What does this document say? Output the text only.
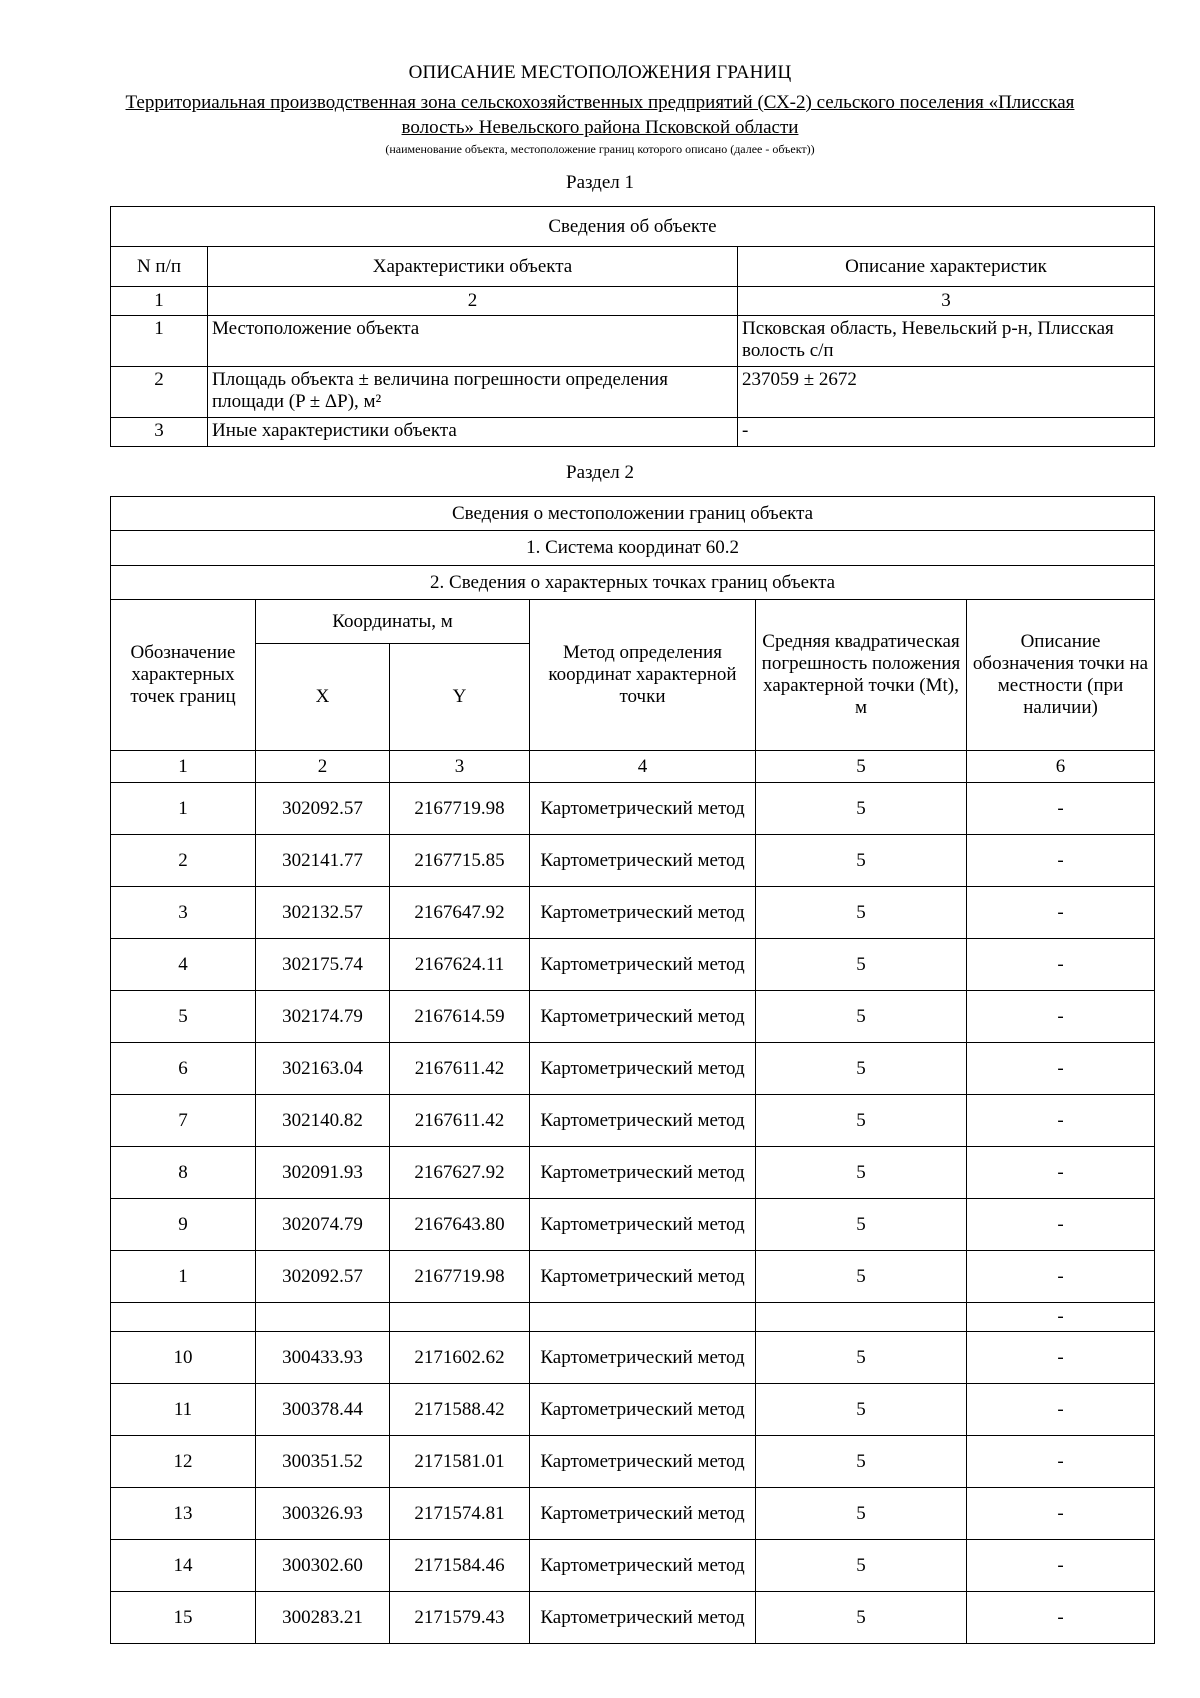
ОПИСАНИЕ МЕСТОПОЛОЖЕНИЯ ГРАНИЦ
Территориальная производственная зона сельскохозяйственных предприятий (СХ-2) сельского поселения «Плисская волость» Невельского района Псковской области
(наименование объекта, местоположение границ которого описано (далее - объект))
Раздел 1
Сведения об объекте		
N п/п	Характеристики объекта	Описание характеристик
1	2	3
1	Местоположение объекта	Псковская область, Невельский р-н, Плисская волость с/п
2	Площадь объекта ± величина погрешности определения площади (P ± ΔP), м²	237059 ± 2672
3	Иные характеристики объекта	-
Раздел 2
Сведения о местоположении границ объекта					
1. Система координат 60.2					
2. Сведения о характерных точках границ объекта					
Обозначение характерных точек границ	Координаты, м		Метод определения координат характерной точки	Средняя квадратическая погрешность положения характерной точки (Mt), м	Описание обозначения точки на местности (при наличии)
	X	Y			
1	2	3	4	5	6
1	302092.57	2167719.98	Картометрический метод	5	-
2	302141.77	2167715.85	Картометрический метод	5	-
3	302132.57	2167647.92	Картометрический метод	5	-
4	302175.74	2167624.11	Картометрический метод	5	-
5	302174.79	2167614.59	Картометрический метод	5	-
6	302163.04	2167611.42	Картометрический метод	5	-
7	302140.82	2167611.42	Картометрический метод	5	-
8	302091.93	2167627.92	Картометрический метод	5	-
9	302074.79	2167643.80	Картометрический метод	5	-
1	302092.57	2167719.98	Картометрический метод	5	-
					-
10	300433.93	2171602.62	Картометрический метод	5	-
11	300378.44	2171588.42	Картометрический метод	5	-
12	300351.52	2171581.01	Картометрический метод	5	-
13	300326.93	2171574.81	Картометрический метод	5	-
14	300302.60	2171584.46	Картометрический метод	5	-
15	300283.21	2171579.43	Картометрический метод	5	-
